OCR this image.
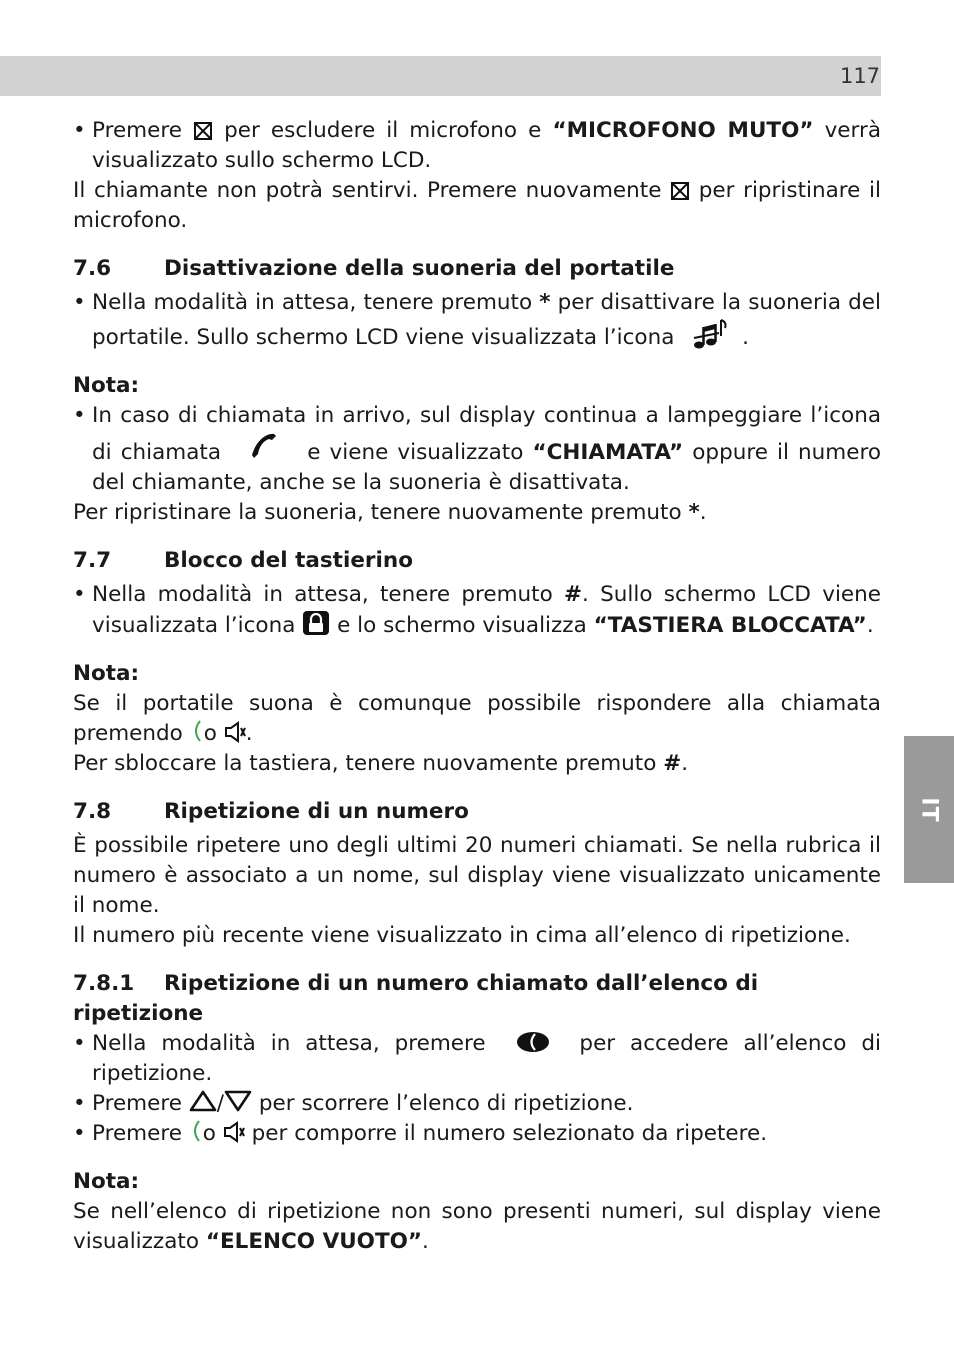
117
IT

• Premere per escludere il microfono e “MICROFONO MUTO” verrà visualizzato sullo schermo LCD.

Il chiamante non potrà sentirvi. Premere nuovamente per ripristinare il microfono.

7.6 Disattivazione della suoneria del portatile

• Nella modalità in attesa, tenere premuto * per disattivare la suoneria del portatile. Sullo schermo LCD viene visualizzata l’icona	.

Nota:

• In caso di chiamata in arrivo, sul display continua a lampeggiare l’icona di chiamata	e viene visualizzato “CHIAMATA” oppure il numero del chiamante, anche se la suoneria è disattivata.

Per ripristinare la suoneria, tenere nuovamente premuto *.

7.7 Blocco del tastierino

• Nella modalità in attesa, tenere premuto #. Sullo schermo LCD viene visualizzata l’icona e lo schermo visualizza “TASTIERA BLOCCATA”.

Nota:

Se il portatile suona è comunque possibile rispondere alla chiamata premendo o .

Per sbloccare la tastiera, tenere nuovamente premuto #.

7.8 Ripetizione di un numero

È possibile ripetere uno degli ultimi 20 numeri chiamati. Se nella rubrica il numero è associato a un nome, sul display viene visualizzato unicamente il nome.

Il numero più recente viene visualizzato in cima all’elenco di ripetizione.

7.8.1 Ripetizione di un numero chiamato dall’elenco di ripetizione

• Nella modalità in attesa, premere	per accedere all’elenco di ripetizione.

• Premere / per scorrere l’elenco di ripetizione.

• Premere o per comporre il numero selezionato da ripetere.

Nota:

Se nell’elenco di ripetizione non sono presenti numeri, sul display viene visualizzato “ELENCO VUOTO”.
